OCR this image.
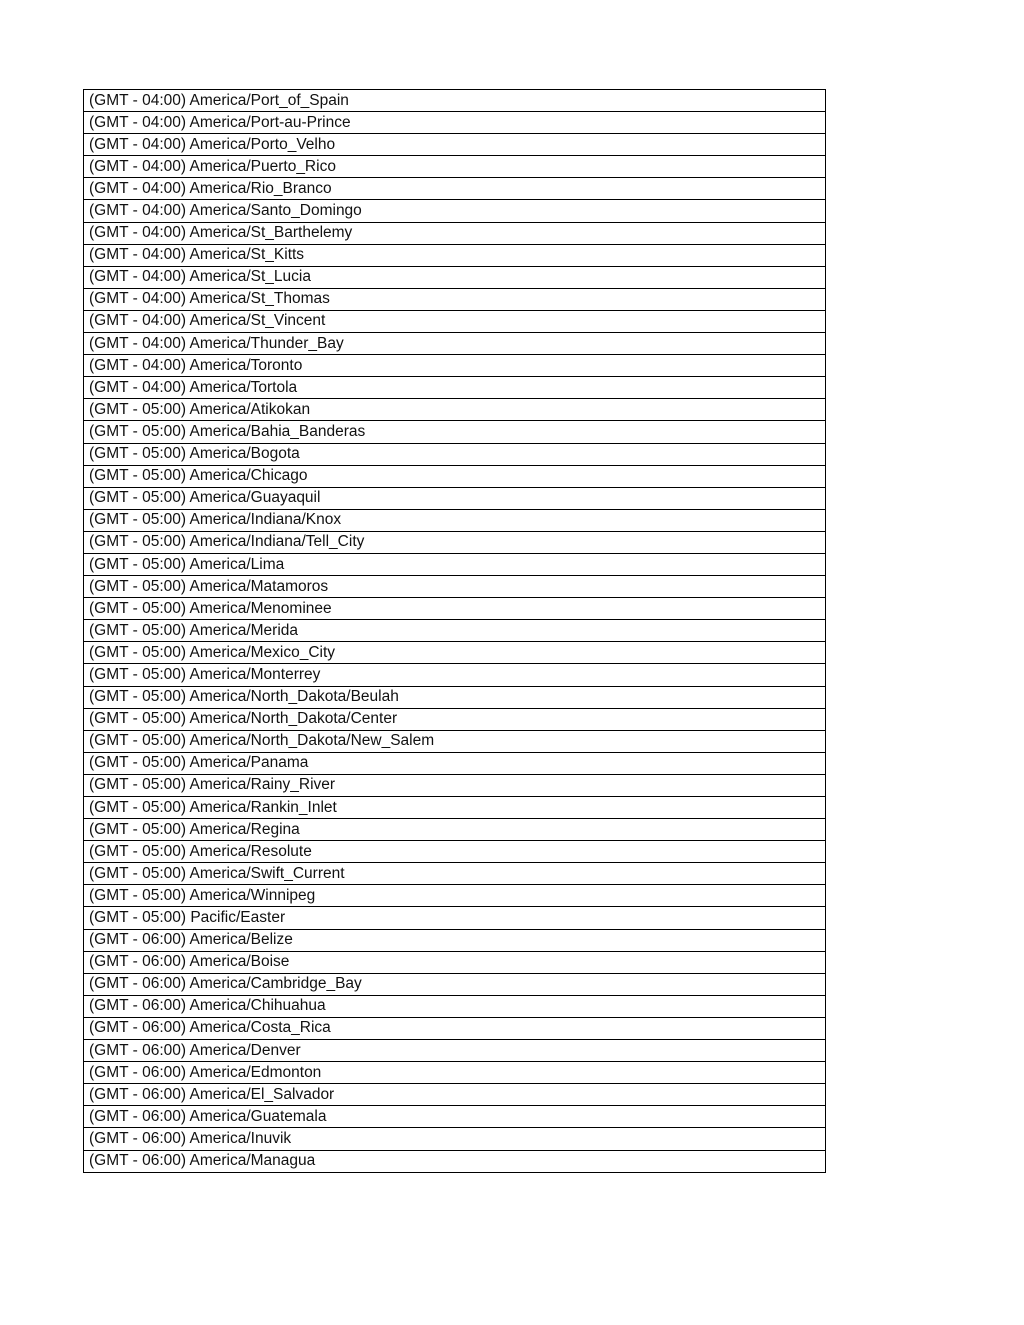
(GMT - 04:00) America/Port_of_Spain
(GMT - 04:00) America/Port-au-Prince
(GMT - 04:00) America/Porto_Velho
(GMT - 04:00) America/Puerto_Rico
(GMT - 04:00) America/Rio_Branco
(GMT - 04:00) America/Santo_Domingo
(GMT - 04:00) America/St_Barthelemy
(GMT - 04:00) America/St_Kitts
(GMT - 04:00) America/St_Lucia
(GMT - 04:00) America/St_Thomas
(GMT - 04:00) America/St_Vincent
(GMT - 04:00) America/Thunder_Bay
(GMT - 04:00) America/Toronto
(GMT - 04:00) America/Tortola
(GMT - 05:00) America/Atikokan
(GMT - 05:00) America/Bahia_Banderas
(GMT - 05:00) America/Bogota
(GMT - 05:00) America/Chicago
(GMT - 05:00) America/Guayaquil
(GMT - 05:00) America/Indiana/Knox
(GMT - 05:00) America/Indiana/Tell_City
(GMT - 05:00) America/Lima
(GMT - 05:00) America/Matamoros
(GMT - 05:00) America/Menominee
(GMT - 05:00) America/Merida
(GMT - 05:00) America/Mexico_City
(GMT - 05:00) America/Monterrey
(GMT - 05:00) America/North_Dakota/Beulah
(GMT - 05:00) America/North_Dakota/Center
(GMT - 05:00) America/North_Dakota/New_Salem
(GMT - 05:00) America/Panama
(GMT - 05:00) America/Rainy_River
(GMT - 05:00) America/Rankin_Inlet
(GMT - 05:00) America/Regina
(GMT - 05:00) America/Resolute
(GMT - 05:00) America/Swift_Current
(GMT - 05:00) America/Winnipeg
(GMT - 05:00) Pacific/Easter
(GMT - 06:00) America/Belize
(GMT - 06:00) America/Boise
(GMT - 06:00) America/Cambridge_Bay
(GMT - 06:00) America/Chihuahua
(GMT - 06:00) America/Costa_Rica
(GMT - 06:00) America/Denver
(GMT - 06:00) America/Edmonton
(GMT - 06:00) America/El_Salvador
(GMT - 06:00) America/Guatemala
(GMT - 06:00) America/Inuvik
(GMT - 06:00) America/Managua
